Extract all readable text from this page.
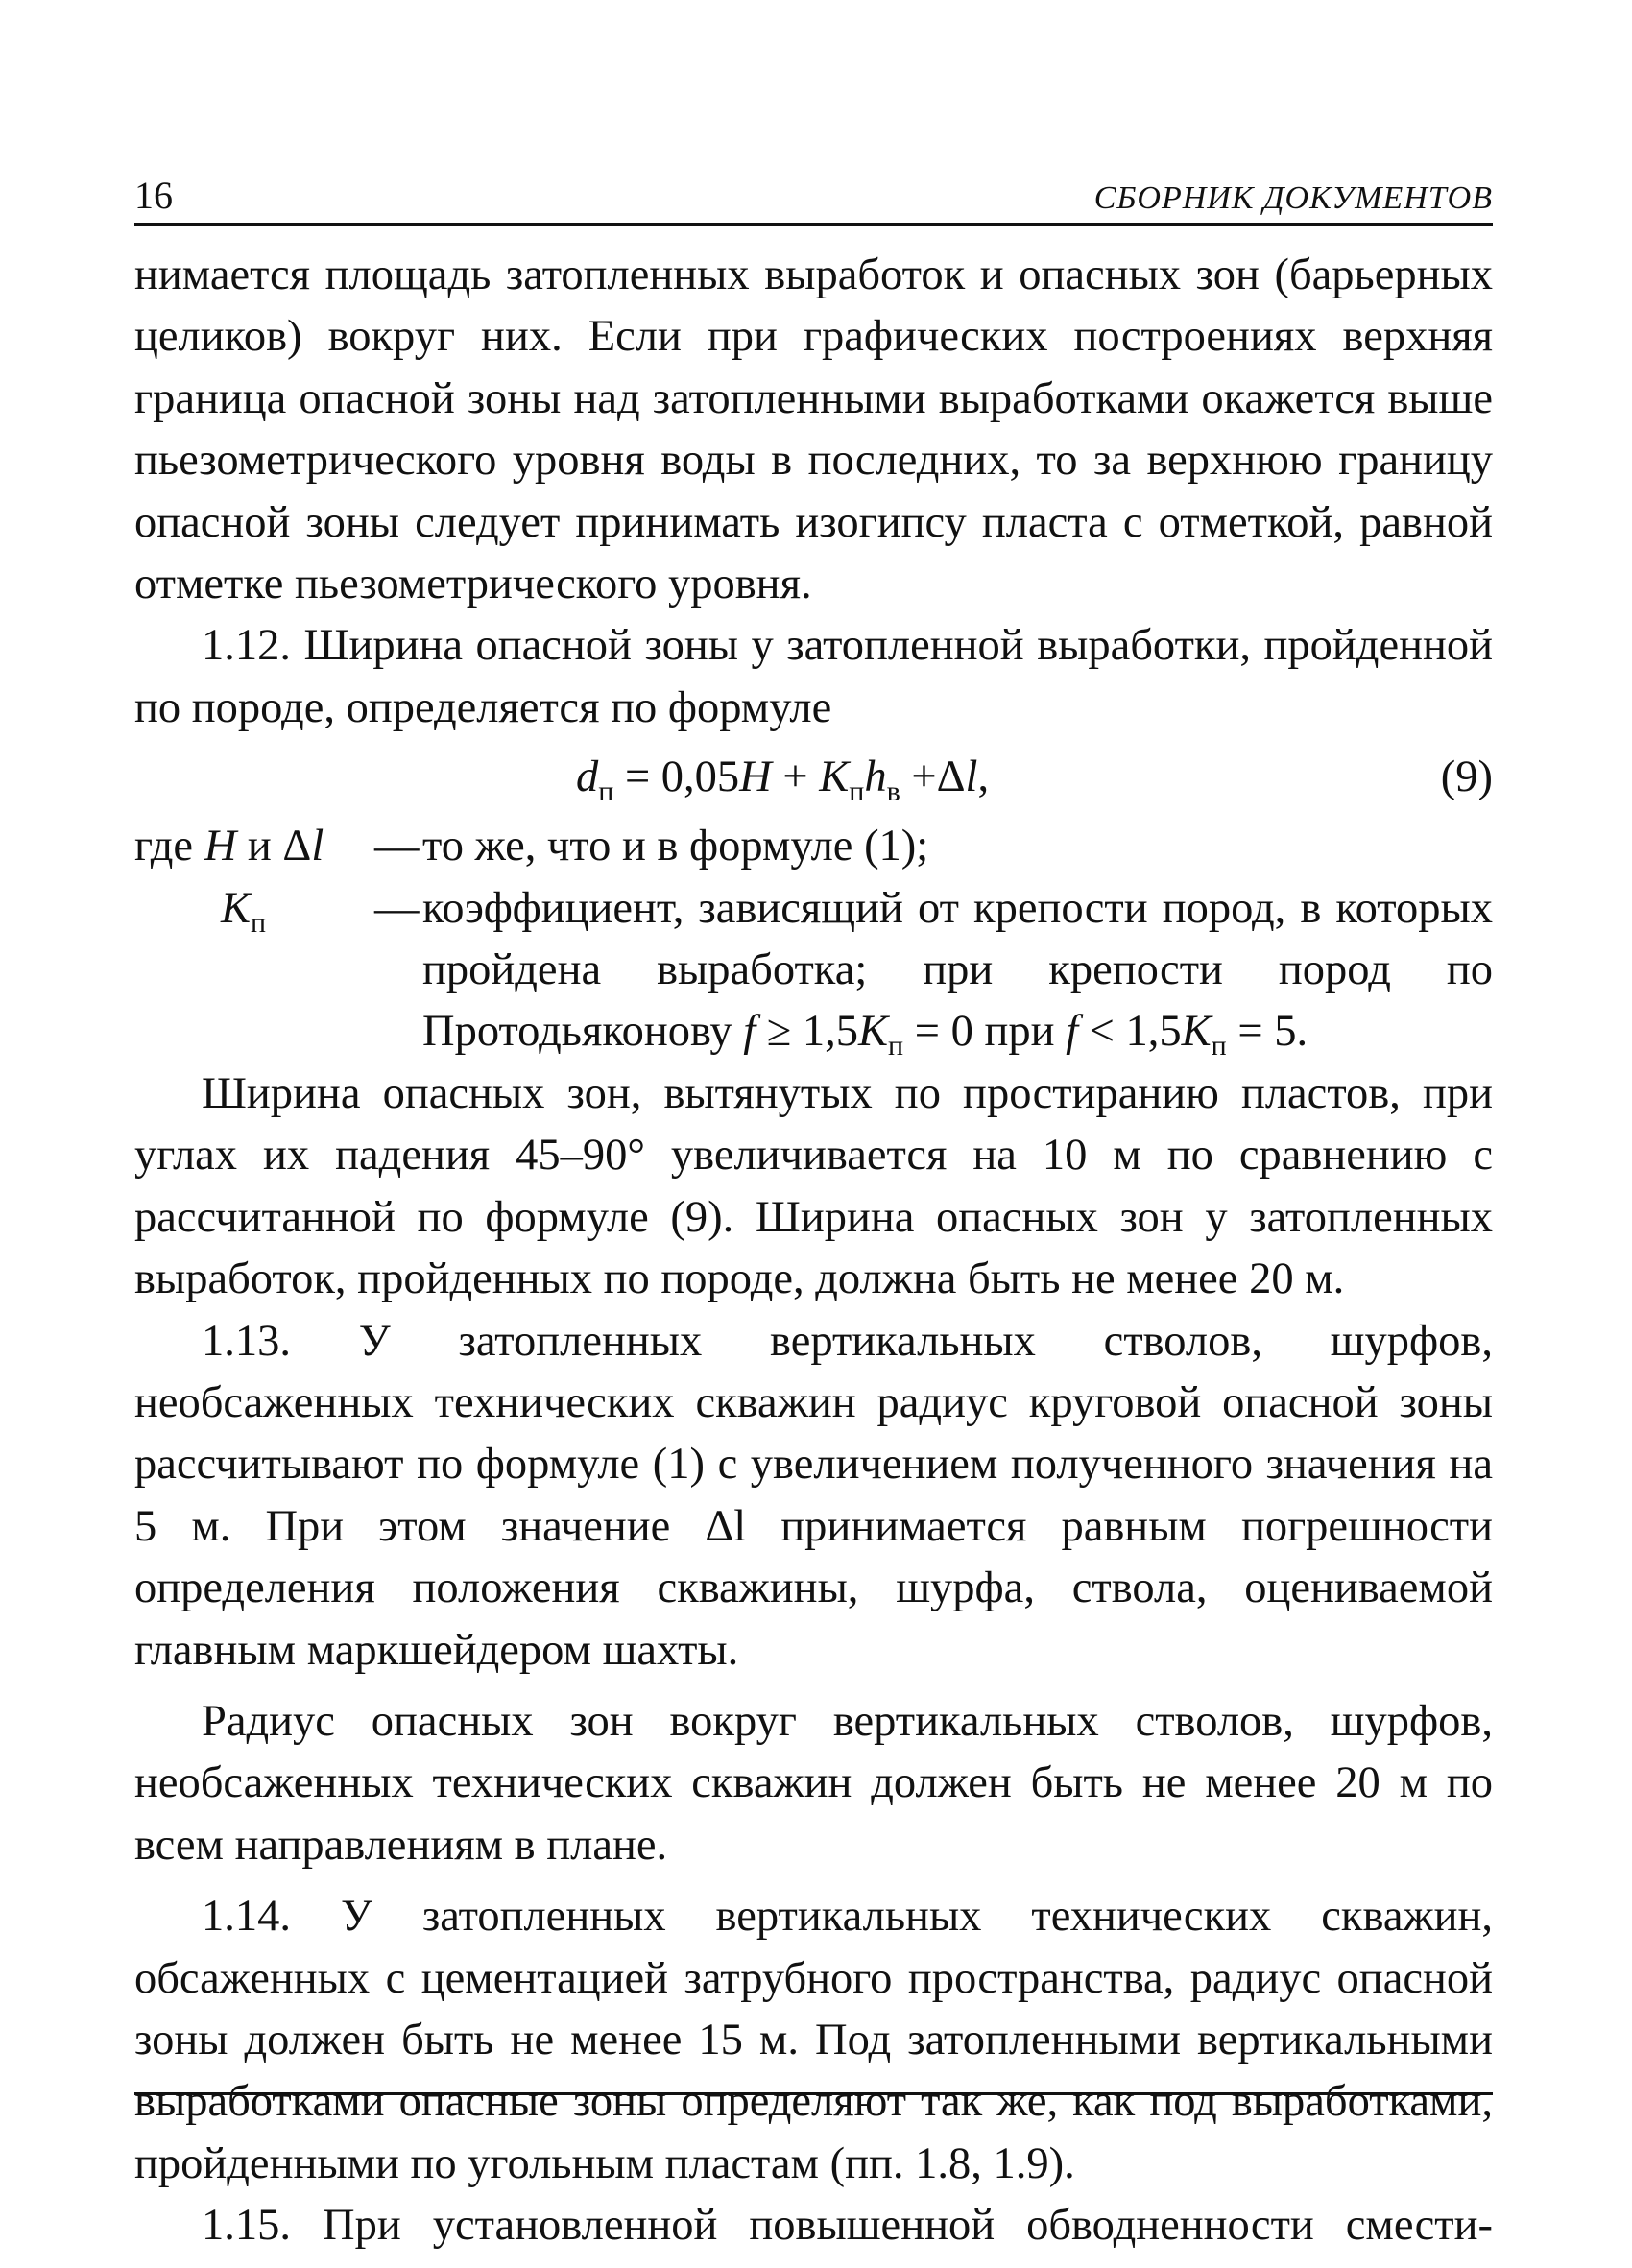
16	СБОРНИК ДОКУМЕНТОВ

нимается площадь затопленных выработок и опасных зон (барьерных целиков) вокруг них. Если при графических построениях верхняя граница опасной зоны над затопленными выработками окажется выше пьезометрического уровня воды в последних, то за верхнюю границу опасной зоны следует принимать изогипсу пласта с отметкой, равной отметке пьезометрического уровня.

1.12. Ширина опасной зоны у затопленной выработки, пройденной по породе, определяется по формуле

$d_п = 0,05H + K_пh_в +\Delta l$,	(9)
где H и Δl	— то же, что и в формуле (1);
$K_п$	— коэффициент, зависящий от крепости пород, в которых пройдена выработка; при крепости пород по Протодьяконову $f \ge 1,5K_п = 0$ при $f < 1,5K_п = 5$.

Ширина опасных зон, вытянутых по простиранию пластов, при углах их падения 45–90° увеличивается на 10 м по сравнению с рассчитанной по формуле (9). Ширина опасных зон у затопленных выработок, пройденных по породе, должна быть не менее 20 м.

1.13. У затопленных вертикальных стволов, шурфов, необсаженных технических скважин радиус круговой опасной зоны рассчитывают по формуле (1) с увеличением полученного значения на 5 м. При этом значение Δl принимается равным погрешности определения положения скважины, шурфа, ствола, оцениваемой главным маркшейдером шахты.

Радиус опасных зон вокруг вертикальных стволов, шурфов, необсаженных технических скважин должен быть не менее 20 м по всем направлениям в плане.

1.14. У затопленных вертикальных технических скважин, обсаженных с цементацией затрубного пространства, радиус опасной зоны должен быть не менее 15 м. Под затопленными вертикальными выработками опасные зоны определяют так же, как под выработками, пройденными по угольным пластам (пп. 1.8, 1.9).

1.15. При установленной повышенной обводненности смести-
